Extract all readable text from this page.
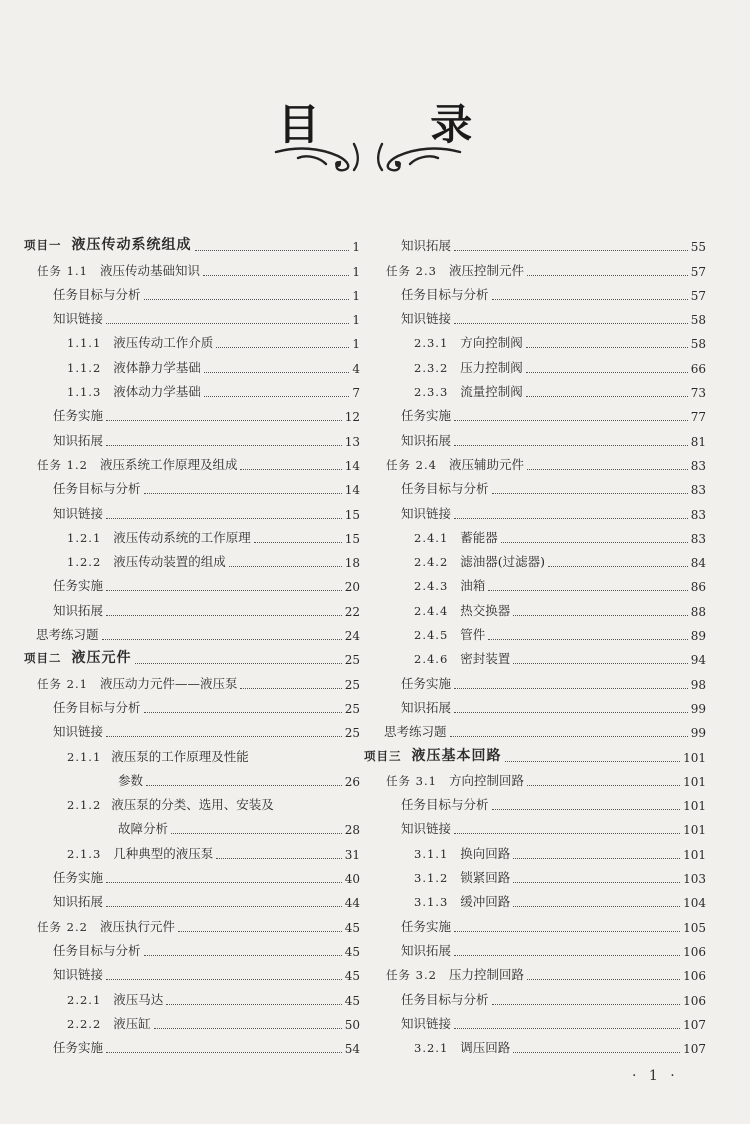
目 录
项目一 液压传动系统组成	1
任务 1.1 液压传动基础知识	1
任务目标与分析	1
知识链接	1
1.1.1 液压传动工作介质	1
1.1.2 液体静力学基础	4
1.1.3 液体动力学基础	7
任务实施	12
知识拓展	13
任务 1.2 液压系统工作原理及组成	14
任务目标与分析	14
知识链接	15
1.2.1 液压传动系统的工作原理	15
1.2.2 液压传动装置的组成	18
任务实施	20
知识拓展	22
思考练习题	24
项目二 液压元件	25
任务 2.1 液压动力元件——液压泵	25
任务目标与分析	25
知识链接	25
2.1.1 液压泵的工作原理及性能
参数	26
2.1.2 液压泵的分类、选用、安装及
故障分析	28
2.1.3 几种典型的液压泵	31
任务实施	40
知识拓展	44
任务 2.2 液压执行元件	45
任务目标与分析	45
知识链接	45
2.2.1 液压马达	45
2.2.2 液压缸	50
任务实施	54
知识拓展	55
任务 2.3 液压控制元件	57
任务目标与分析	57
知识链接	58
2.3.1 方向控制阀	58
2.3.2 压力控制阀	66
2.3.3 流量控制阀	73
任务实施	77
知识拓展	81
任务 2.4 液压辅助元件	83
任务目标与分析	83
知识链接	83
2.4.1 蓄能器	83
2.4.2 滤油器(过滤器)	84
2.4.3 油箱	86
2.4.4 热交换器	88
2.4.5 管件	89
2.4.6 密封装置	94
任务实施	98
知识拓展	99
思考练习题	99
项目三 液压基本回路	101
任务 3.1 方向控制回路	101
任务目标与分析	101
知识链接	101
3.1.1 换向回路	101
3.1.2 锁紧回路	103
3.1.3 缓冲回路	104
任务实施	105
知识拓展	106
任务 3.2 压力控制回路	106
任务目标与分析	106
知识链接	107
3.2.1 调压回路	107
· 1 ·
